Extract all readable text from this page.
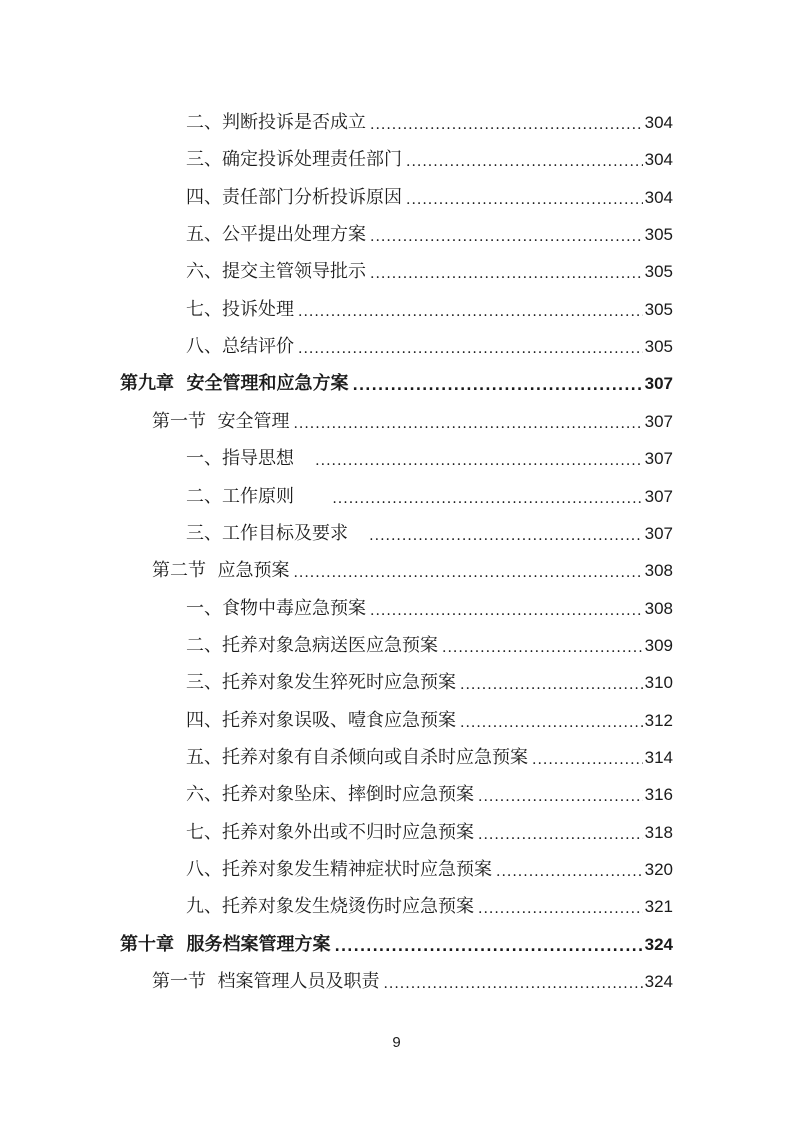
二、判断投诉是否成立 .....	304
三、确定投诉处理责任部门 .....	304
四、责任部门分析投诉原因 .....	304
五、公平提出处理方案 .....	305
六、提交主管领导批示 .....	305
七、投诉处理 .....	305
八、总结评价 .....	305
第九章  安全管理和应急方案 .....	307
第一节  安全管理 .....	307
一、指导思想 .....	307
二、工作原则 .....	307
三、工作目标及要求 .....	307
第二节  应急预案 .....	308
一、食物中毒应急预案 .....	308
二、托养对象急病送医应急预案 .....	309
三、托养对象发生猝死时应急预案 .....	310
四、托养对象误吸、噎食应急预案 .....	312
五、托养对象有自杀倾向或自杀时应急预案 .....	314
六、托养对象坠床、摔倒时应急预案 .....	316
七、托养对象外出或不归时应急预案 .....	318
八、托养对象发生精神症状时应急预案 .....	320
九、托养对象发生烧烫伤时应急预案 .....	321
第十章  服务档案管理方案 .....	324
第一节  档案管理人员及职责 .....	324
9
